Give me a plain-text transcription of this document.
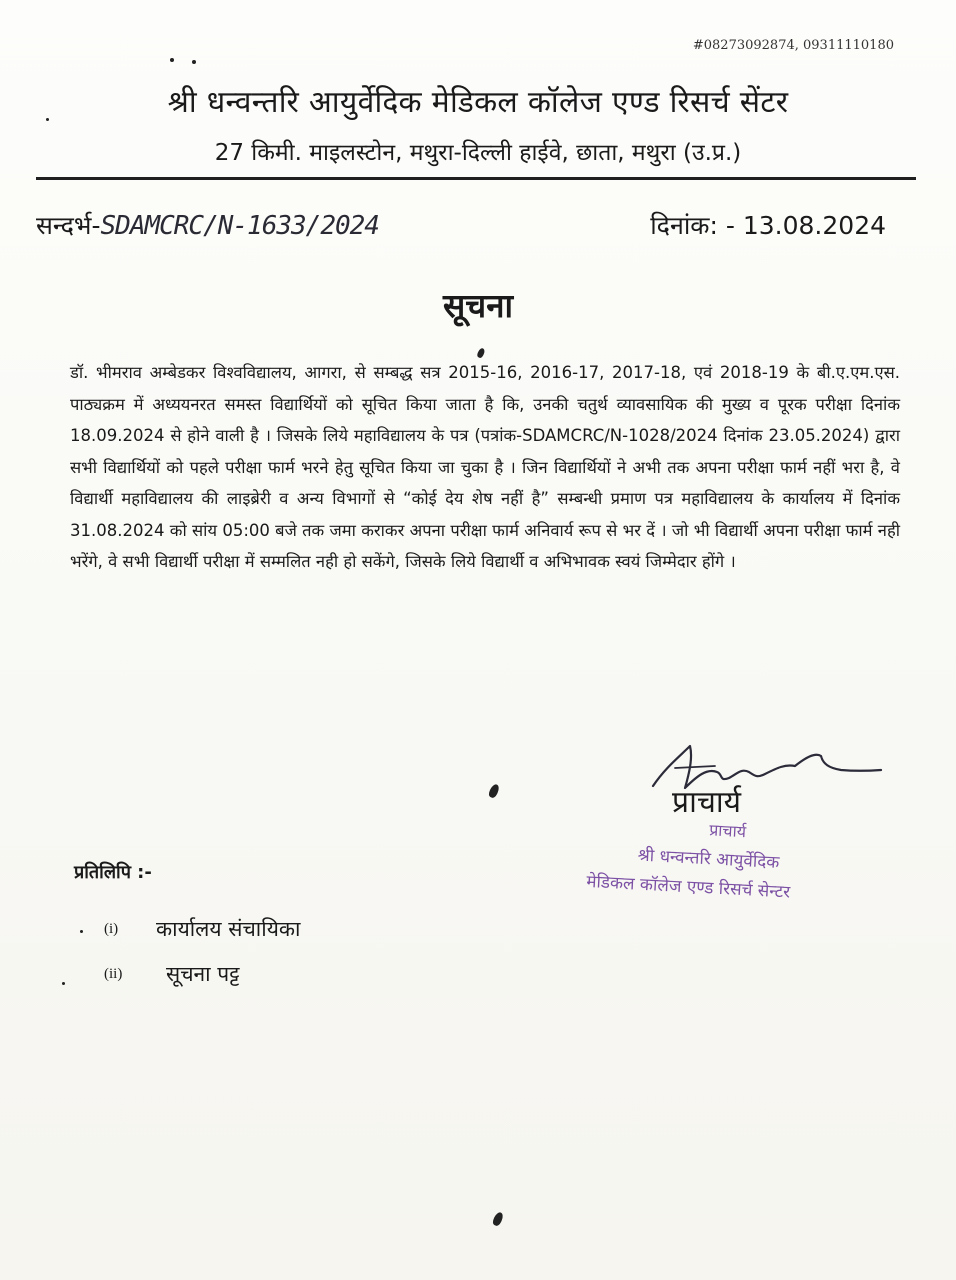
#08273092874, 09311110180
श्री धन्वन्तरि आयुर्वेदिक मेडिकल कॉलेज एण्ड रिसर्च सेंटर
27 किमी. माइलस्टोन, मथुरा-दिल्ली हाईवे, छाता, मथुरा (उ.प्र.)
सन्दर्भ-SDAMCRC/N-1633/2024	दिनांक: - 13.08.2024
सूचना

डॉ. भीमराव अम्बेडकर विश्वविद्यालय, आगरा, से सम्बद्ध सत्र 2015-16, 2016-17, 2017-18, एवं 2018-19 के बी.ए.एम.एस. पाठ्यक्रम में अध्ययनरत समस्त विद्यार्थियों को सूचित किया जाता है कि, उनकी चतुर्थ व्यावसायिक की मुख्य व पूरक परीक्षा दिनांक 18.09.2024 से होने वाली है । जिसके लिये महाविद्यालय के पत्र (पत्रांक-SDAMCRC/N-1028/2024 दिनांक 23.05.2024) द्वारा सभी विद्यार्थियों को पहले परीक्षा फार्म भरने हेतु सूचित किया जा चुका है । जिन विद्यार्थियों ने अभी तक अपना परीक्षा फार्म नहीं भरा है, वे विद्यार्थी महाविद्यालय की लाइब्रेरी व अन्य विभागों से “कोई देय शेष नहीं है” सम्बन्धी प्रमाण पत्र महाविद्यालय के कार्यालय में दिनांक 31.08.2024 को सांय 05:00 बजे तक जमा कराकर अपना परीक्षा फार्म अनिवार्य रूप से भर दें । जो भी विद्यार्थी अपना परीक्षा फार्म नही भरेंगे, वे सभी विद्यार्थी परीक्षा में सम्मलित नही हो सकेंगे, जिसके लिये विद्यार्थी व अभिभावक स्वयं जिम्मेदार होंगे ।

प्राचार्य
प्राचार्य
श्री धन्वन्तरि आयुर्वेदिक
मेडिकल कॉलेज एण्ड रिसर्च सेन्टर
प्रतिलिपि :-
(i) कार्यालय संचायिका
(ii) सूचना पट्ट
